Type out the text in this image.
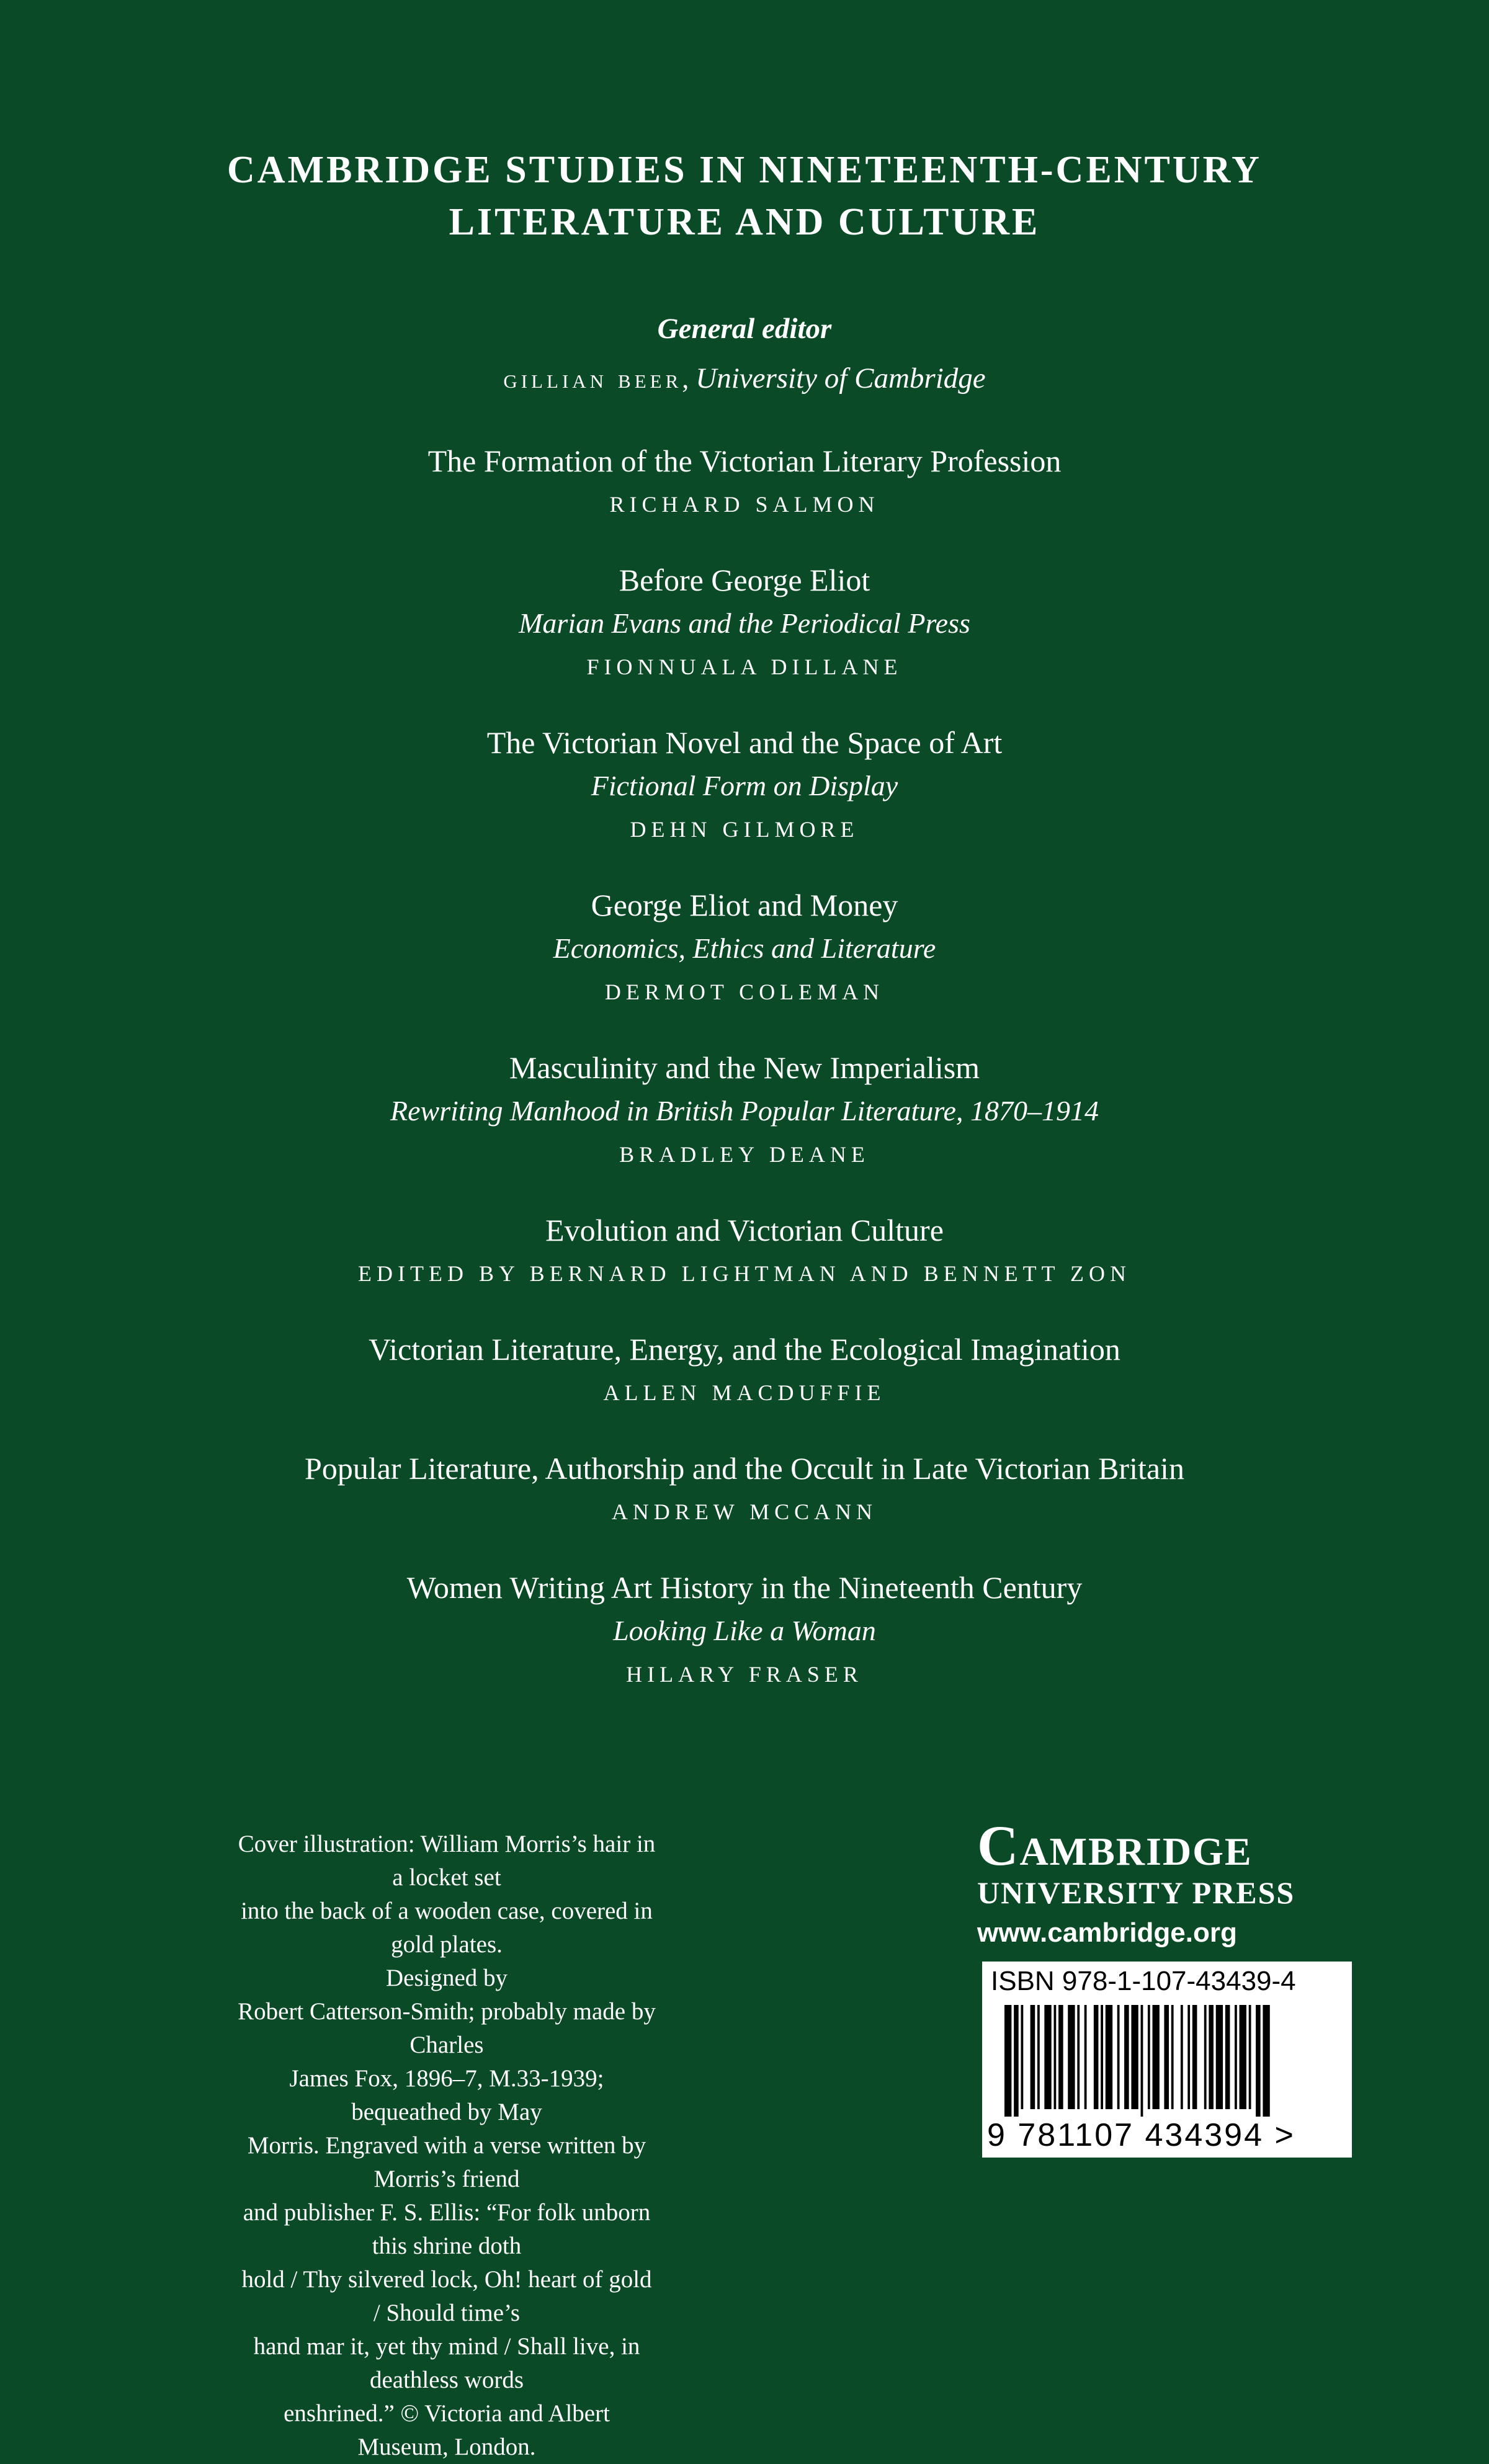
CAMBRIDGE STUDIES IN NINETEENTH-CENTURY
LITERATURE AND CULTURE
General editor
gillian beer, University of Cambridge
The Formation of the Victorian Literary Profession
RICHARD SALMON
Before George Eliot
Marian Evans and the Periodical Press
FIONNUALA DILLANE
The Victorian Novel and the Space of Art
Fictional Form on Display
DEHN GILMORE
George Eliot and Money
Economics, Ethics and Literature
DERMOT COLEMAN
Masculinity and the New Imperialism
Rewriting Manhood in British Popular Literature, 1870–1914
BRADLEY DEANE
Evolution and Victorian Culture
EDITED BY BERNARD LIGHTMAN AND BENNETT ZON
Victorian Literature, Energy, and the Ecological Imagination
ALLEN MACDUFFIE
Popular Literature, Authorship and the Occult in Late Victorian Britain
ANDREW MCCANN
Women Writing Art History in the Nineteenth Century
Looking Like a Woman
HILARY FRASER
Cover illustration: William Morris’s hair in a locket set
into the back of a wooden case, covered in gold plates.
Designed by
Robert Catterson-Smith; probably made by Charles
James Fox, 1896–7, M.33-1939; bequeathed by May
Morris. Engraved with a verse written by Morris’s friend
and publisher F. S. Ellis: “For folk unborn this shrine doth
hold / Thy silvered lock, Oh! heart of gold / Should time’s
hand mar it, yet thy mind / Shall live, in deathless words
enshrined.” © Victoria and Albert Museum, London.
Cambridge
UNIVERSITY PRESS
www.cambridge.org
ISBN 978-1-107-43439-4
9 781107 434394 >
